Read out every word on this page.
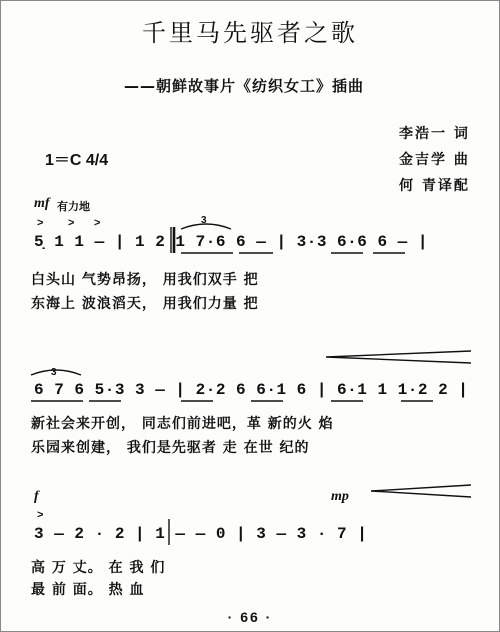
千里马先驱者之歌
——朝鲜故事片《纺织女工》插曲
李浩一 词
金吉学 曲
何 青译配
1＝C 4/4
mf 有力地
> > >	3
5̣ 1 1 — | 1 2 1 7·6 6 — | 3·3 6·6 6 — |
白头山 气势昂扬， 用我们双手 把
东海上 波浪滔天， 用我们力量 把
3
6 7 6 5·3 3 — | 2·2 6 6·1 6 | 6·1 1 1·2 2 |
新社会来开创， 同志们前进吧，革 新的火 焰
乐园来创建， 我们是先驱者 走 在世 纪的
f	mp
>
3 — 2 · 2 | 1 — — 0 | 3 — 3 · 7 |
高 万 丈。 在 我 们
最 前 面。 热 血
· 66 ·
